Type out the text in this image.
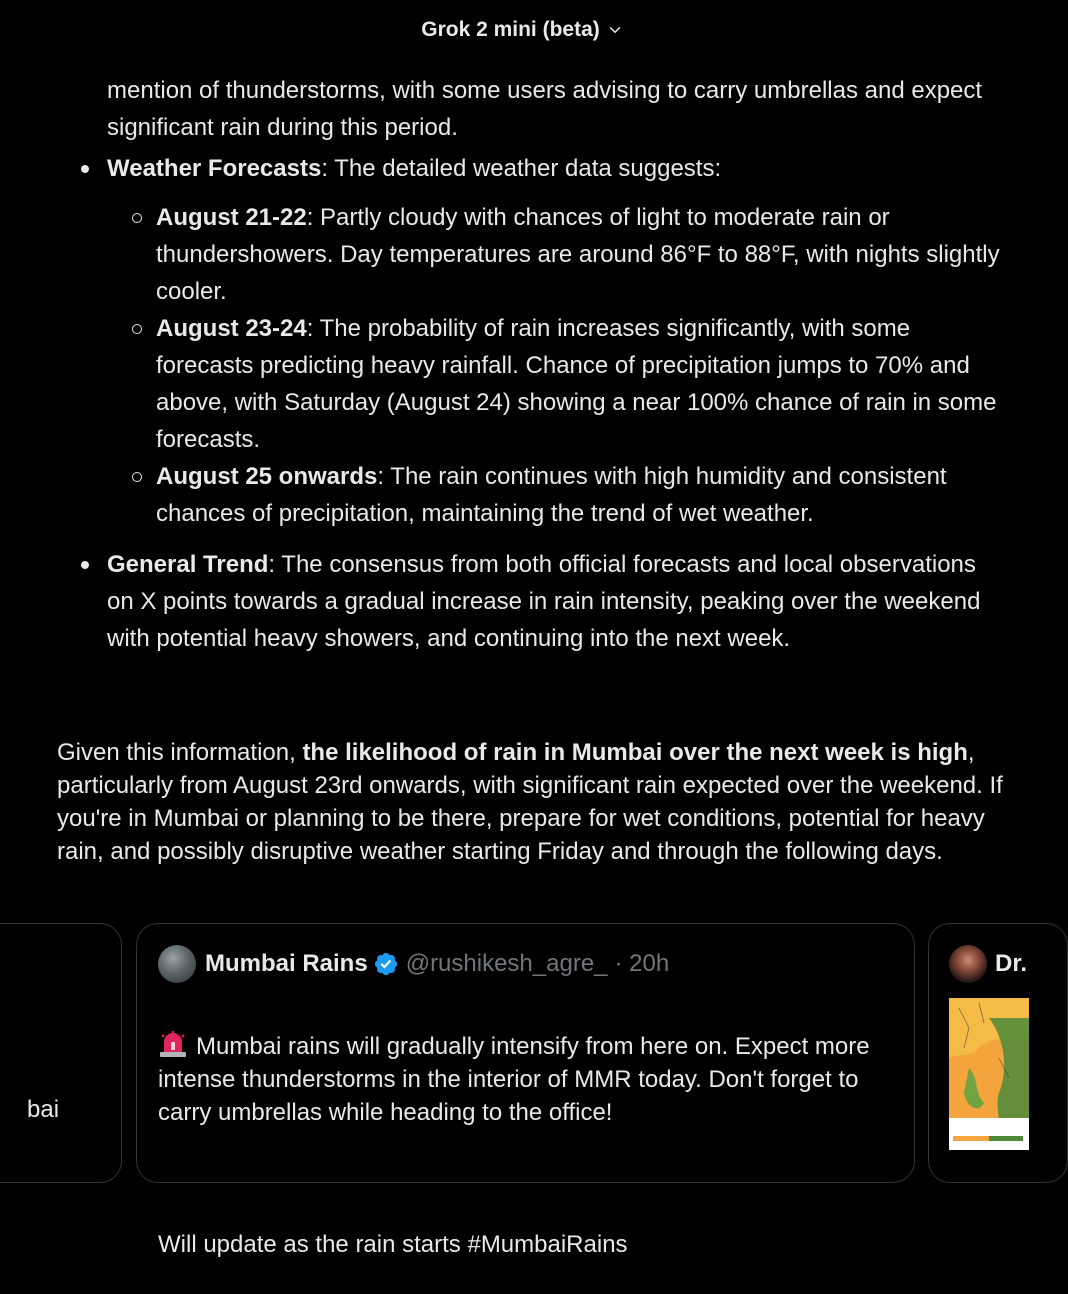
Grok 2 mini (beta)

mention of thunderstorms, with some users advising to carry umbrellas and expect significant rain during this period.

Weather Forecasts: The detailed weather data suggests:
August 21-22: Partly cloudy with chances of light to moderate rain or thundershowers. Day temperatures are around 86°F to 88°F, with nights slightly cooler.
August 23-24: The probability of rain increases significantly, with some forecasts predicting heavy rainfall. Chance of precipitation jumps to 70% and above, with Saturday (August 24) showing a near 100% chance of rain in some forecasts.
August 25 onwards: The rain continues with high humidity and consistent chances of precipitation, maintaining the trend of wet weather.
General Trend: The consensus from both official forecasts and local observations on X points towards a gradual increase in rain intensity, peaking over the weekend with potential heavy showers, and continuing into the next week.

Given this information, the likelihood of rain in Mumbai over the next week is high, particularly from August 23rd onwards, with significant rain expected over the weekend. If you're in Mumbai or planning to be there, prepare for wet conditions, potential for heavy rain, and possibly disruptive weather starting Friday and through the following days.

bai
Mumbai Rains @rushikesh_agre_ · 20h

Mumbai rains will gradually intensify from here on. Expect more intense thunderstorms in the interior of MMR today. Don't forget to carry umbrellas while heading to the office!

Will update as the rain starts #MumbaiRains

Dr.
